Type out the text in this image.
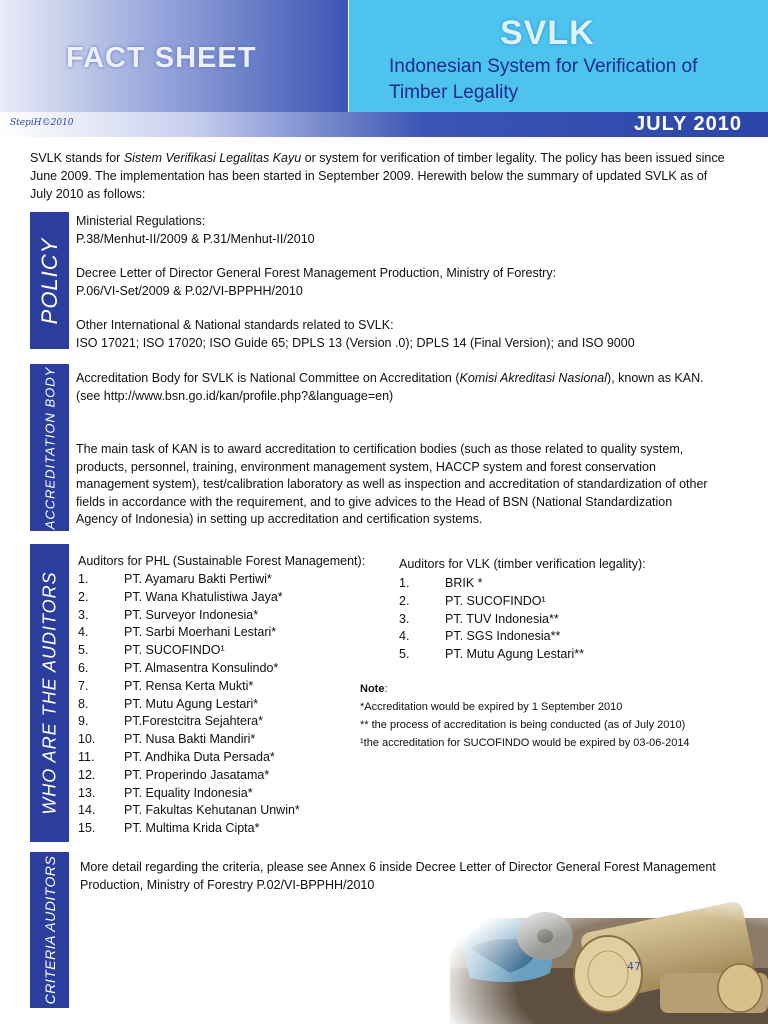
FACT SHEET
SVLK
Indonesian System for Verification of Timber Legality
StepiH©2010	JULY 2010
SVLK stands for Sistem Verifikasi Legalitas Kayu or system for verification of timber legality. The policy has been issued since June 2009. The implementation has been started in September 2009. Herewith below the summary of updated SVLK as of July 2010 as follows:
POLICY
Ministerial Regulations:
P.38/Menhut-II/2009 & P.31/Menhut-II/2010
Decree Letter of Director General Forest Management Production, Ministry of Forestry:
P.06/VI-Set/2009 & P.02/VI-BPPHH/2010
Other International & National standards related to SVLK:
ISO 17021; ISO 17020; ISO Guide 65; DPLS 13 (Version .0); DPLS 14 (Final Version); and ISO 9000
ACCREDITATION BODY Accreditation Body for SVLK is National Committee on Accreditation (Komisi Akreditasi Nasional), known as KAN.
(see http://www.bsn.go.id/kan/profile.php?&language=en)
The main task of KAN is to award accreditation to certification bodies (such as those related to quality system, products, personnel, training, environment management system, HACCP system and forest conservation management system), test/calibration laboratory as well as inspection and accreditation of standardization of other fields in accordance with the requirement, and to give advices to the Head of BSN (National Standardization Agency of Indonesia) in setting up accreditation and certification systems.
WHO ARE THE AUDITORS
Auditors for PHL (Sustainable Forest Management):
1.	PT. Ayamaru Bakti Pertiwi*
2.	PT. Wana Khatulistiwa Jaya*
3.	PT. Surveyor Indonesia*
4.	PT. Sarbi Moerhani Lestari*
5.	PT. SUCOFINDO¹
6.	PT. Almasentra Konsulindo*
7.	PT. Rensa Kerta Mukti*
8.	PT. Mutu Agung Lestari*
9.	PT.Forestcitra Sejahtera*
10. PT. Nusa Bakti Mandiri*
11. PT. Andhika Duta Persada*
12. PT. Properindo Jasatama*
13. PT. Equality Indonesia*
14. PT. Fakultas Kehutanan Unwin*
15. PT. Multima Krida Cipta*
Auditors for VLK (timber verification legality):
1.	BRIK *
2.	PT. SUCOFINDO¹
3.	PT. TUV Indonesia**
4.	PT. SGS Indonesia**
5.	PT. Mutu Agung Lestari**
Note:
*Accreditation would be expired by 1 September 2010
** the process of accreditation is being conducted (as of July 2010)
¹the accreditation for SUCOFINDO would be expired by 03-06-2014
CRITERIA AUDITORS More detail regarding the criteria, please see Annex 6 inside Decree Letter of Director General Forest Management Production, Ministry of Forestry P.02/VI-BPPHH/2010
